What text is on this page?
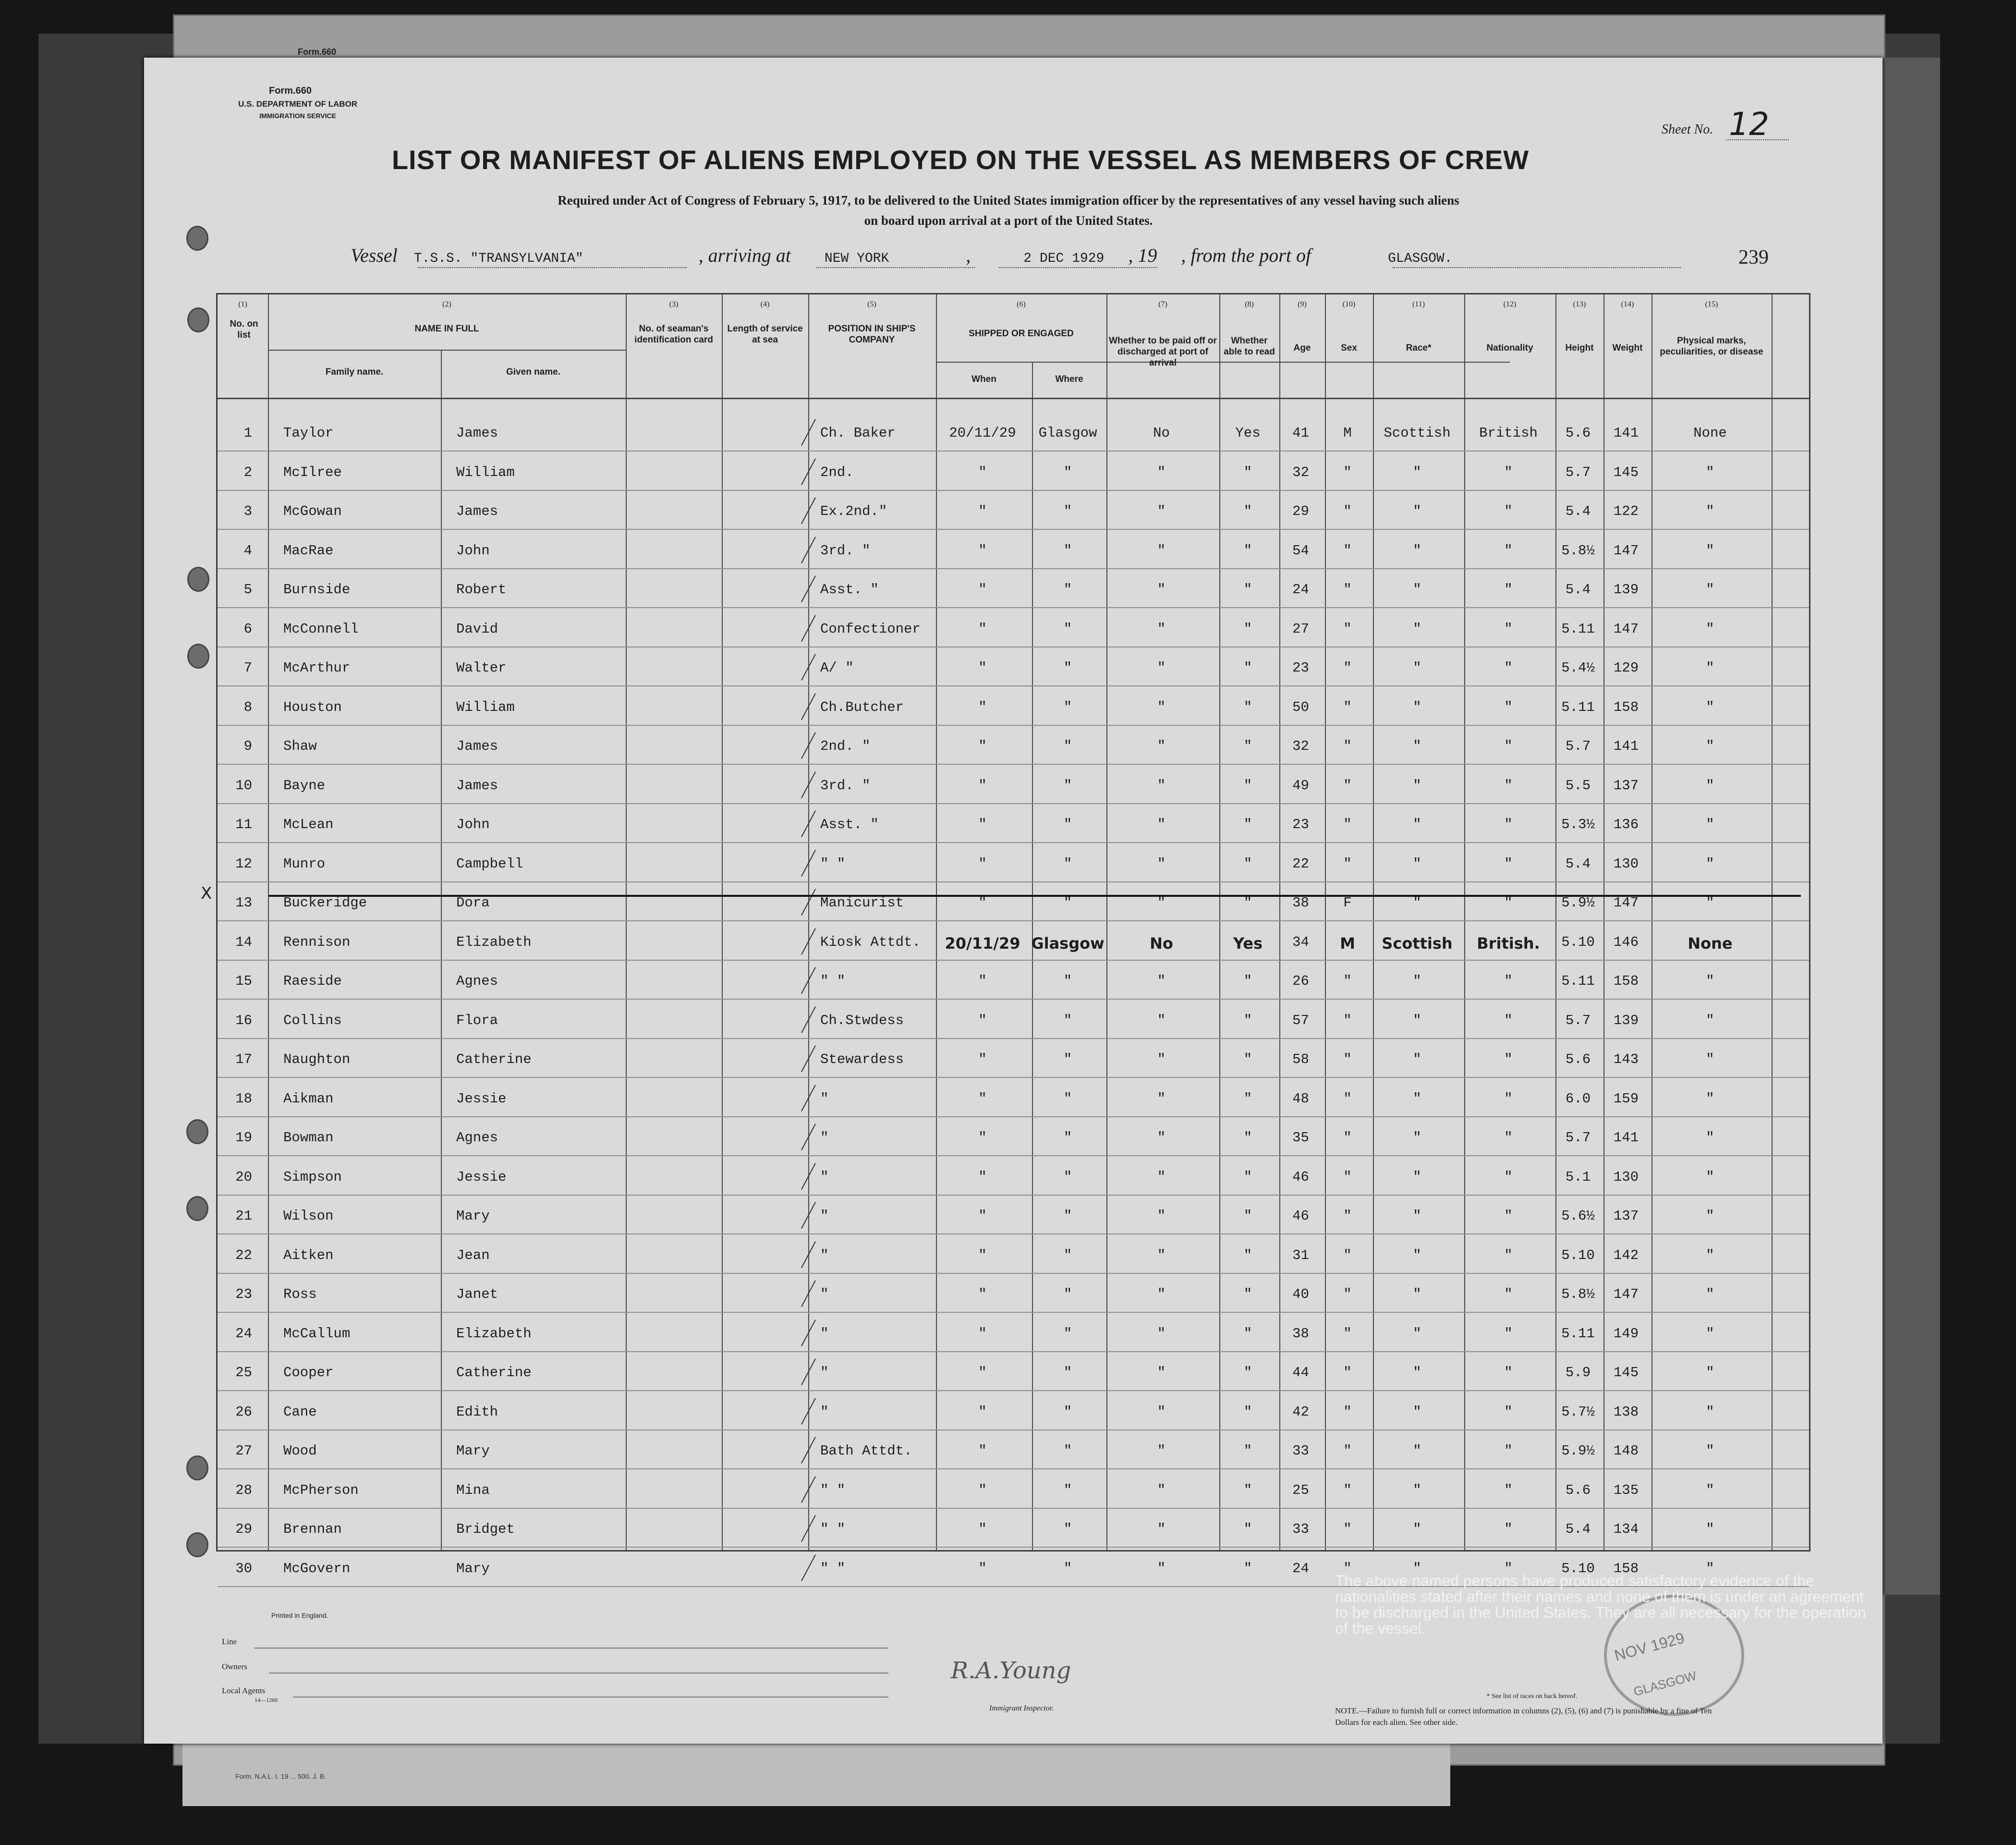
Form. N.A.L. I. 19 ... 500. J. B.
Form.660
Form.660
U.S. DEPARTMENT OF LABOR
IMMIGRATION SERVICE
LIST OR MANIFEST OF ALIENS EMPLOYED ON THE VESSEL AS MEMBERS OF CREW
Required under Act of Congress of February 5, 1917, to be delivered to the United States immigration officer by the representatives of any vessel having such aliens
on board upon arrival at a port of the United States.
Sheet No. 12
Vessel T.S.S. "TRANSYLVANIA"	, arriving at	NEW YORK	,	2 DEC 1929 , 19 , from the port of	GLASGOW.	239
(1)	(2)	(3)	(4)	(5)	(6)	(7)	(8)	(9)	(10)	(11)	(12)	(13)	(14)	(15)
No. on list
NAME IN FULL
Family name.	Given name.
No. of seaman's identification card
Length of service at sea
POSITION IN SHIP'S COMPANY
SHIPPED OR ENGAGED
When	Where
Whether to be paid off or discharged at port of arrival
Whether able to read	Age	Sex	Race*	Nationality	Height	Weight
Physical marks, peculiarities, or disease
1 Taylor	James	Ch. Baker	20/11/29	Glasgow	No	Yes	41	M	Scottish	British	5.6	141	None
2 McIlree	William	2nd.	"	"	"	"	32	"	"	"	5.7	145	"
3 McGowan	James	Ex.2nd."	"	"	"	"	29	"	"	"	5.4	122	"
4 MacRae	John	3rd. "	"	"	"	"	54	"	"	"	5.8½	147	"
5 Burnside	Robert	Asst. "	"	"	"	"	24	"	"	"	5.4	139	"
6 McConnell	David	Confectioner	"	"	"	"	27	"	"	"	5.11	147	"
7 McArthur	Walter	A/ "	"	"	"	"	23	"	"	"	5.4½	129	"
8 Houston	William	Ch.Butcher	"	"	"	"	50	"	"	"	5.11	158	"
9 Shaw	James	2nd. "	"	"	"	"	32	"	"	"	5.7	141	"
10 Bayne	James	3rd. "	"	"	"	"	49	"	"	"	5.5	137	"
11 McLean	John	Asst. "	"	"	"	"	23	"	"	"	5.3½	136	"
12 Munro	Campbell	" "	"	"	"	"	22	"	"	"	5.4	130	"
13 Buckeridge	Dora	Manicurist	"	"	"	"	38	F	"	"	5.9½	147	"
14 Rennison	Elizabeth	Kiosk Attdt.	20/11/29 Glasgow	No	Yes	34	M	Scottish	British.	5.10	146	None
15 Raeside	Agnes	" "	"	"	"	"	26	"	"	"	5.11	158	"
16 Collins	Flora	Ch.Stwdess	"	"	"	"	57	"	"	"	5.7	139	"
17 Naughton	Catherine	Stewardess	"	"	"	"	58	"	"	"	5.6	143	"
18 Aikman	Jessie	"	"	"	"	"	48	"	"	"	6.0	159	"
19 Bowman	Agnes	"	"	"	"	"	35	"	"	"	5.7	141	"
20 Simpson	Jessie	"	"	"	"	"	46	"	"	"	5.1	130	"
21 Wilson	Mary	"	"	"	"	"	46	"	"	"	5.6½	137	"
22 Aitken	Jean	"	"	"	"	"	31	"	"	"	5.10	142	"
23 Ross	Janet	"	"	"	"	"	40	"	"	"	5.8½	147	"
24 McCallum	Elizabeth	"	"	"	"	"	38	"	"	"	5.11	149	"
25 Cooper	Catherine	"	"	"	"	"	44	"	"	"	5.9	145	"
26 Cane	Edith	"	"	"	"	"	42	"	"	"	5.7½	138	"
27 Wood	Mary	Bath Attdt.	"	"	"	"	33	"	"	"	5.9½	148	"
28 McPherson	Mina	" "	"	"	"	"	25	"	"	"	5.6	135	"
29 Brennan	Bridget	" "	"	"	"	"	33	"	"	"	5.4	134	"
30 McGovern	Mary	" "	"	"	"	"	24	"	"	"	5.10	158	"
X
Printed in England.
Line
Owners
Local Agents
14—1260
R.A.Young
Immigrant Inspector.
NOV 1929
GLASGOW
The above named persons have produced satisfactory evidence of the nationalities stated after their names and none of them is under an agreement to be discharged in the United States. They are all necessary for the operation of the vessel.
* See list of races on back hereof.
NOTE.—Failure to furnish full or correct information in columns (2), (5), (6) and (7) is punishable by a fine of Ten Dollars for each alien. See other side.
